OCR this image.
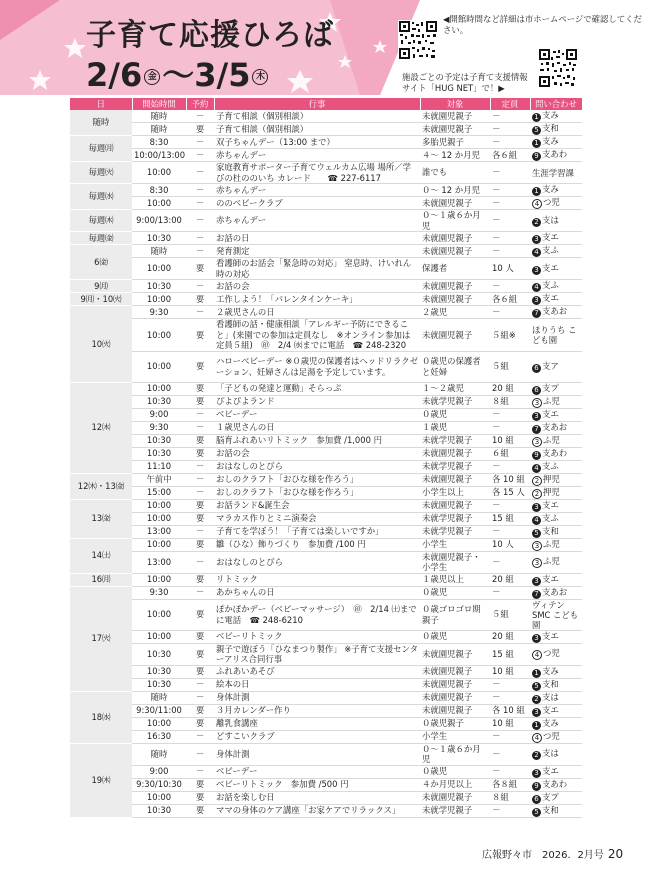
子育て応援ひろば
2/6 金 〜3/5 木
◀開館時間など詳細は市ホームページで確認してください。
施設ごとの予定は子育て支援情報サイト「HUG NET」で！▶
日	開始時間	予約	行事	対象	定員	問い合わせ
随時	随時	－	子育て相談（個別相談）	未就園児親子	－	1 支み
	随時	要	子育て相談（個別相談）	未就園児親子	－	5 支和
毎週㈪	8:30	－	双子ちゃんデー（13:00 まで）	多胎児親子	－	1 支み
	10:00/13:00	－	赤ちゃんデー	４〜 12 か月児	各６組	9 支あわ
毎週㈫	10:00	－	家庭教育サポーター子育てウェルカム広場 場所／学びの杜ののいち カレード　　☎ 227-6117	誰でも	－	生涯学習課
毎週㈬	8:30	－	赤ちゃんデー	０〜 12 か月児	－	1 支み
	10:00	－	ののベビークラブ	未就園児親子	－	4 つ児
毎週㈭	9:00/13:00	－	赤ちゃんデー	０〜１歳６か月児	－	2 支は
毎週㈮	10:30	－	お話の日	未就園児親子	－	3 支エ
6㈮	随時	－	発育測定	未就園児親子	－	4 支ふ
	10:00	要	看護師のお話会「緊急時の対応」 窒息時、けいれん時の対応	保護者	10 人	3 支エ
9㈪	10:30	－	お話の会	未就園児親子	－	4 支ふ
9㈪・10㈫	10:00	要	工作しよう！「バレンタインケーキ」	未就園児親子	各６組	3 支エ
10㈫	9:30	－	２歳児さんの日	２歳児	－	7 支あお
	10:00	要	看護師の話・健康相談「アレルギー予防にできること」(来園での参加は定員なし　※オンライン参加は定員５組)　㊞　2/4 ㈬までに電話　☎ 248-2320	未就園児親子	５組※	ほりうち こども園
	10:00	要	ハローベビーデー ※０歳児の保護者はヘッドリラクゼーション、妊婦さんは足湯を予定しています。	０歳児の保護者と妊婦	５組	6 支ア
12㈭	10:00	要	「子どもの発達と運動」そらっぷ	１〜２歳児	20 組	6 支プ
	10:30	要	ぴよぴよランド	未就学児親子	８組	3 ふ児
	9:00	－	ベビーデー	０歳児	－	3 支エ
	9:30	－	１歳児さんの日	１歳児	－	7 支あお
	10:30	要	脳育ふれあいリトミック　参加費 /1,000 円	未就学児親子	10 組	3 ふ児
	10:30	要	お話の会	未就園児親子	６組	9 支あわ
	11:10	－	おはなしのとびら	未就学児親子	－	4 支ふ
12㈭・13㈮	午前中	－	おしのクラフト「おひな様を作ろう」	未就園児親子	各 10 組	2 押児
	15:00	－	おしのクラフト「おひな様を作ろう」	小学生以上	各 15 人	2 押児
13㈮	10:00	要	お話ランド&誕生会	未就園児親子	－	3 支エ
	10:00	要	マラカス作りとミニ演奏会	未就学児親子	15 組	4 支ふ
	13:00	－	子育てを学ぼう！「子育ては楽しいですか」	未就学児親子	－	5 支和
14㈯	10:00	要	雛（ひな）飾りづくり　参加費 /100 円	小学生	10 人	3 ふ児
	13:00	－	おはなしのとびら	未就園児親子・小学生	－	3 ふ児
16㈪	10:00	要	リトミック	１歳児以上	20 組	3 支エ
17㈫	9:30	－	あかちゃんの日	０歳児	－	7 支あお
	10:00	要	ぽかぽかデー（ベビーマッサージ）　㊞　2/14 ㈯までに電話　☎ 248-6210	０歳ゴロゴロ期親子	５組	ヴィテンSMC こども園
	10:00	要	ベビーリトミック	０歳児	20 組	3 支エ
	10:30	要	親子で遊ぼう「ひなまつり製作」 ※子育て支援センターアリス合同行事	未就園児親子	15 組	4 つ児
	10:30	要	ふれあいあそび	未就園児親子	10 組	1 支み
	10:30	－	絵本の日	未就園児親子	－	5 支和
18㈬	随時	－	身体計測	未就園児親子	－	2 支は
	9:30/11:00	要	３月カレンダー作り	未就園児親子	各 10 組	3 支エ
	10:00	要	離乳食講座	０歳児親子	10 組	1 支み
	16:30	－	どすこいクラブ	小学生	－	4 つ児
19㈭	随時	－	身体計測	０〜１歳６か月児	－	2 支は
	9:00	－	ベビーデー	０歳児	－	3 支エ
	9:30/10:30	要	ベビーリトミック　参加費 /500 円	４か月児以上	各８組	9 支あわ
	10:00	要	お話を楽しむ日	未就園児親子	８組	6 支プ
	10:30	要	ママの身体のケア講座「お家ケアでリラックス」	未就学児親子	－	5 支和
広報野々市　 2026．2月号 20
